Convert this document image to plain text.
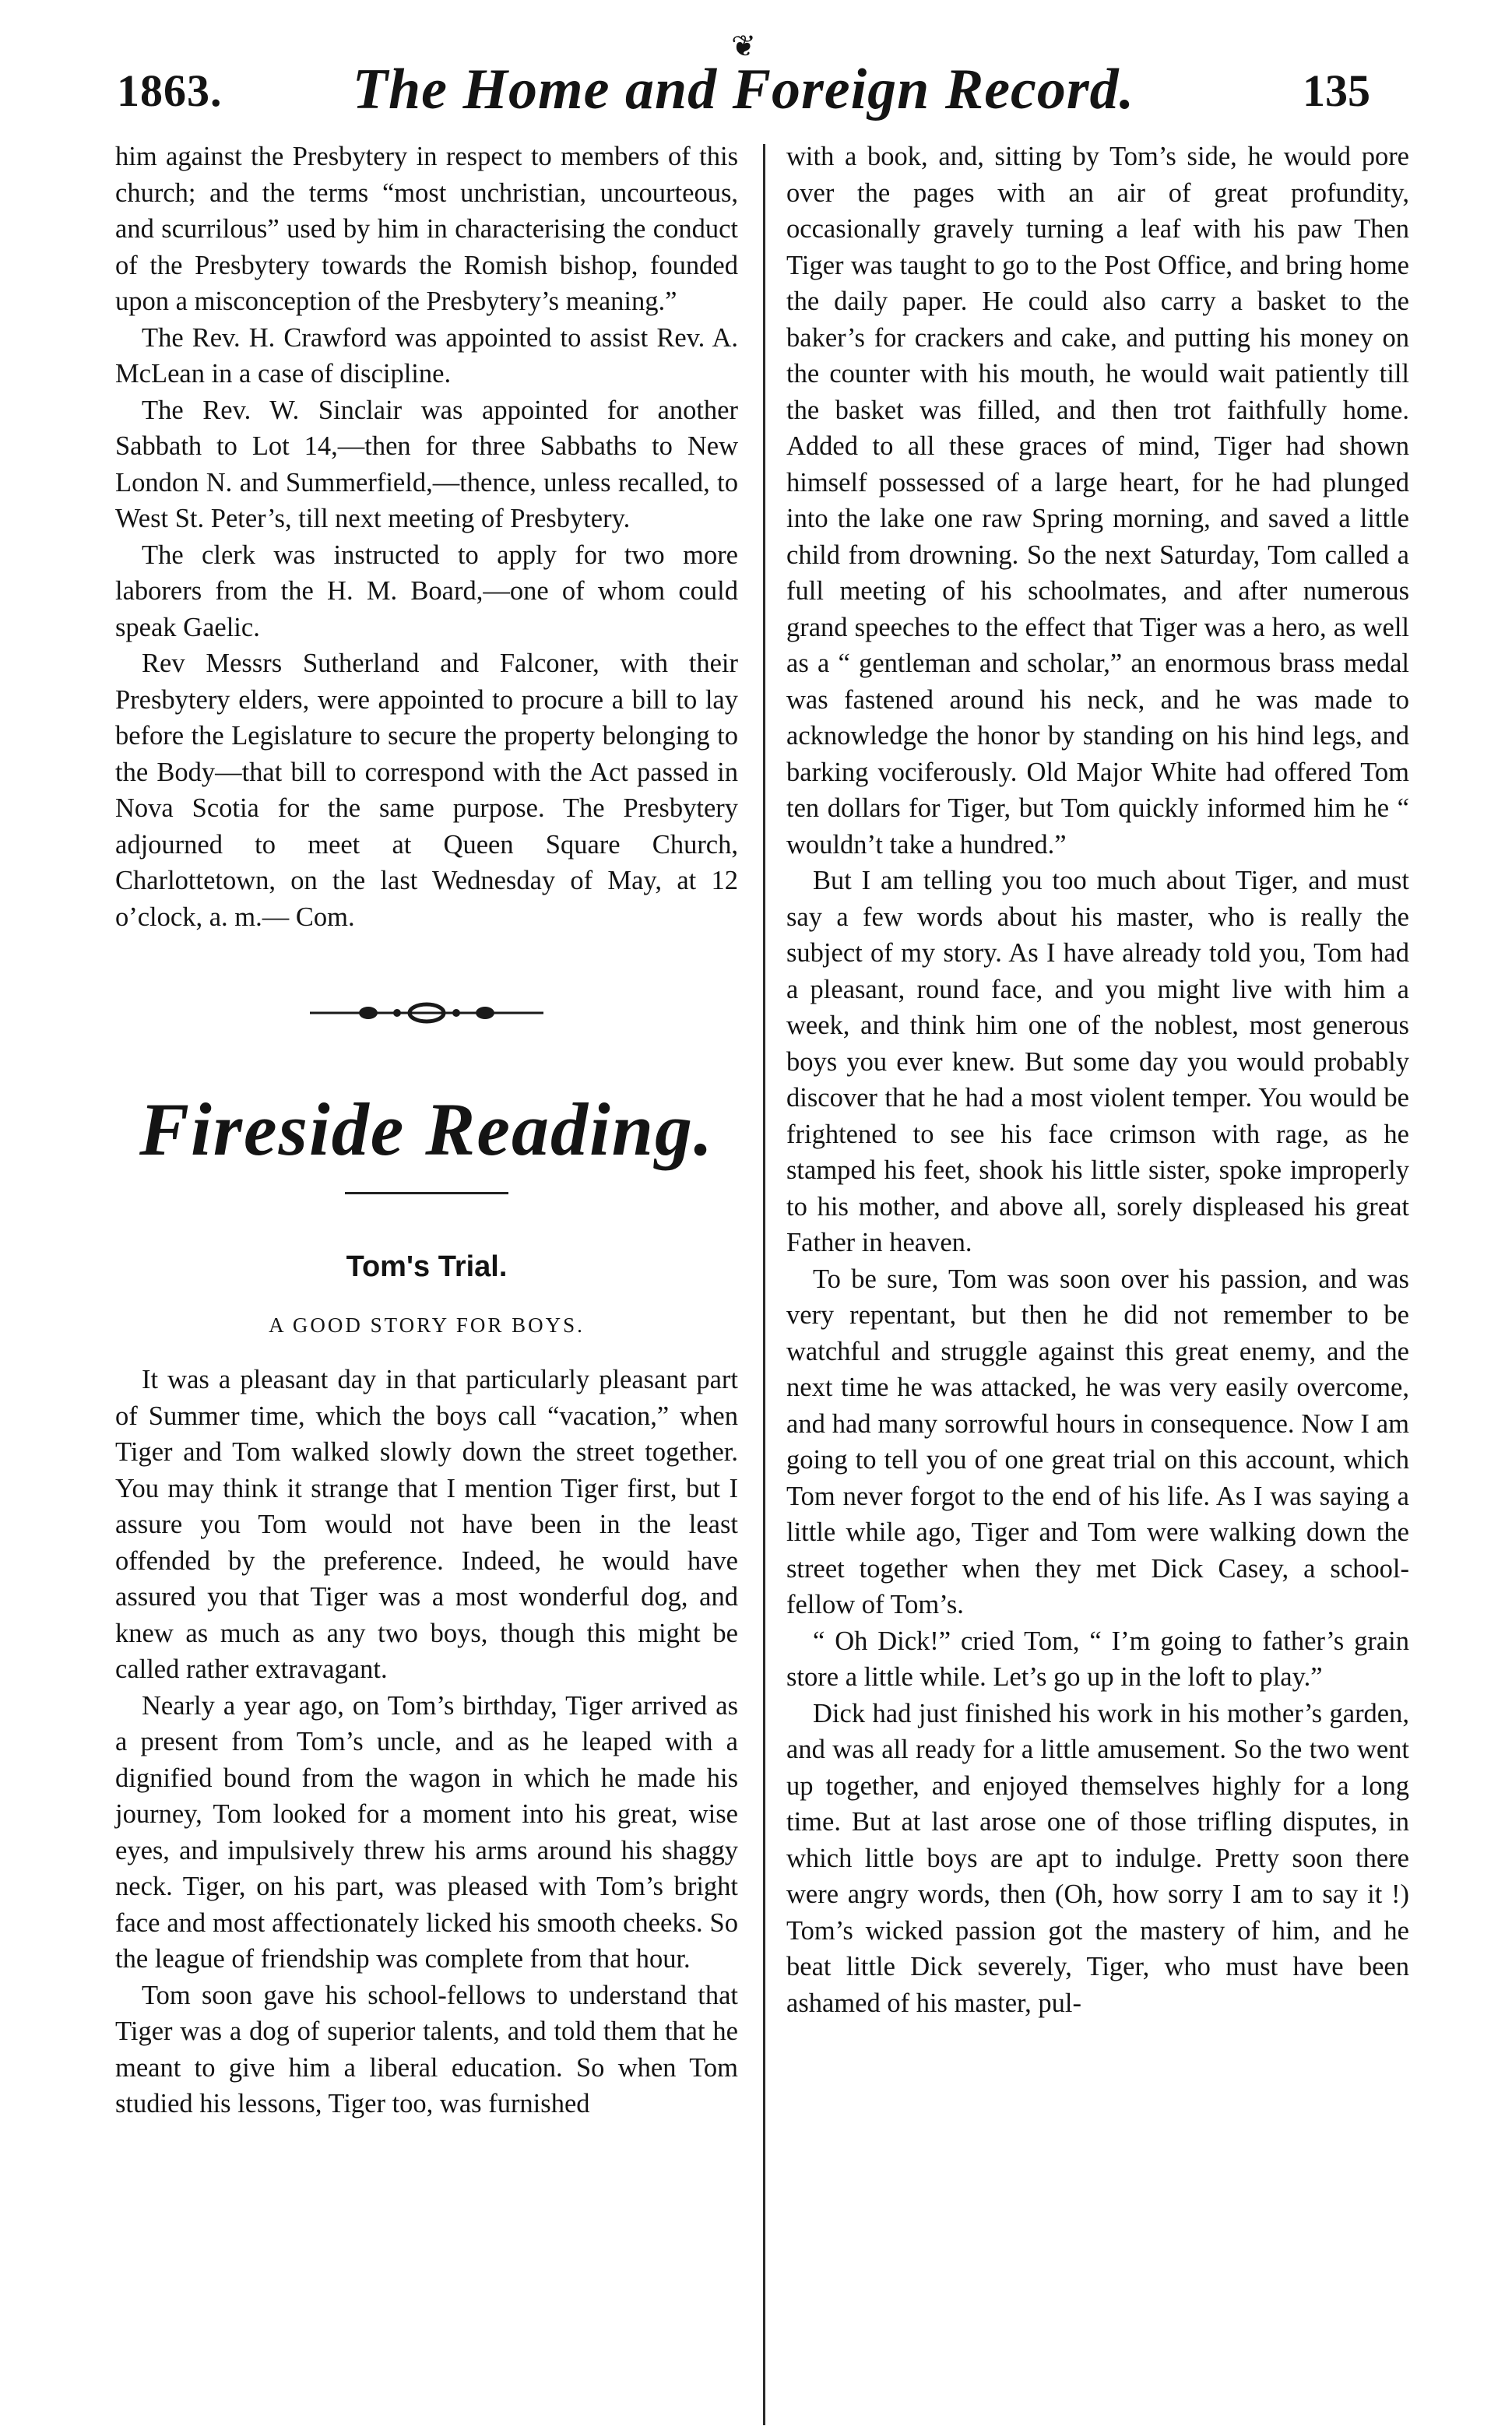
❦
1863.	The Home and Foreign Record.	135

him against the Presbytery in respect to members of this church; and the terms “most unchristian, uncourteous, and scurrilous” used by him in characterising the conduct of the Presbytery towards the Romish bishop, founded upon a misconception of the Presbytery’s meaning.”

The Rev. H. Crawford was appointed to assist Rev. A. McLean in a case of discipline.

The Rev. W. Sinclair was appointed for another Sabbath to Lot 14,—then for three Sabbaths to New London N. and Summerfield,—thence, unless recalled, to West St. Peter’s, till next meeting of Presbytery.

The clerk was instructed to apply for two more laborers from the H. M. Board,—one of whom could speak Gaelic.

Rev Messrs Sutherland and Falconer, with their Presbytery elders, were appointed to procure a bill to lay before the Legislature to secure the property belonging to the Body—that bill to correspond with the Act passed in Nova Scotia for the same purpose. The Presbytery adjourned to meet at Queen Square Church, Charlottetown, on the last Wednesday of May, at 12 o’clock, a. m.— Com.

Fireside Reading.
Tom's Trial.
A GOOD STORY FOR BOYS.

It was a pleasant day in that particularly pleasant part of Summer time, which the boys call “vacation,” when Tiger and Tom walked slowly down the street together. You may think it strange that I mention Tiger first, but I assure you Tom would not have been in the least offended by the preference. Indeed, he would have assured you that Tiger was a most wonderful dog, and knew as much as any two boys, though this might be called rather extravagant.

Nearly a year ago, on Tom’s birthday, Tiger arrived as a present from Tom’s uncle, and as he leaped with a dignified bound from the wagon in which he made his journey, Tom looked for a moment into his great, wise eyes, and impulsively threw his arms around his shaggy neck. Tiger, on his part, was pleased with Tom’s bright face and most affectionately licked his smooth cheeks. So the league of friendship was complete from that hour.

Tom soon gave his school-fellows to understand that Tiger was a dog of superior talents, and told them that he meant to give him a liberal education. So when Tom studied his lessons, Tiger too, was furnished

with a book, and, sitting by Tom’s side, he would pore over the pages with an air of great profundity, occasionally gravely turning a leaf with his paw Then Tiger was taught to go to the Post Office, and bring home the daily paper. He could also carry a basket to the baker’s for crackers and cake, and putting his money on the counter with his mouth, he would wait patiently till the basket was filled, and then trot faithfully home. Added to all these graces of mind, Tiger had shown himself possessed of a large heart, for he had plunged into the lake one raw Spring morning, and saved a little child from drowning. So the next Saturday, Tom called a full meeting of his schoolmates, and after numerous grand speeches to the effect that Tiger was a hero, as well as a “ gentleman and scholar,” an enormous brass medal was fastened around his neck, and he was made to acknowledge the honor by standing on his hind legs, and barking vociferously. Old Major White had offered Tom ten dollars for Tiger, but Tom quickly informed him he “ wouldn’t take a hundred.”

But I am telling you too much about Tiger, and must say a few words about his master, who is really the subject of my story. As I have already told you, Tom had a pleasant, round face, and you might live with him a week, and think him one of the noblest, most generous boys you ever knew. But some day you would probably discover that he had a most violent temper. You would be frightened to see his face crimson with rage, as he stamped his feet, shook his little sister, spoke improperly to his mother, and above all, sorely displeased his great Father in heaven.

To be sure, Tom was soon over his passion, and was very repentant, but then he did not remember to be watchful and struggle against this great enemy, and the next time he was attacked, he was very easily overcome, and had many sorrowful hours in consequence. Now I am going to tell you of one great trial on this account, which Tom never forgot to the end of his life. As I was saying a little while ago, Tiger and Tom were walking down the street together when they met Dick Casey, a school-fellow of Tom’s.

“ Oh Dick!” cried Tom, “ I’m going to father’s grain store a little while. Let’s go up in the loft to play.”

Dick had just finished his work in his mother’s garden, and was all ready for a little amusement. So the two went up together, and enjoyed themselves highly for a long time. But at last arose one of those trifling disputes, in which little boys are apt to indulge. Pretty soon there were angry words, then (Oh, how sorry I am to say it !) Tom’s wicked passion got the mastery of him, and he beat little Dick severely, Tiger, who must have been ashamed of his master, pul-
